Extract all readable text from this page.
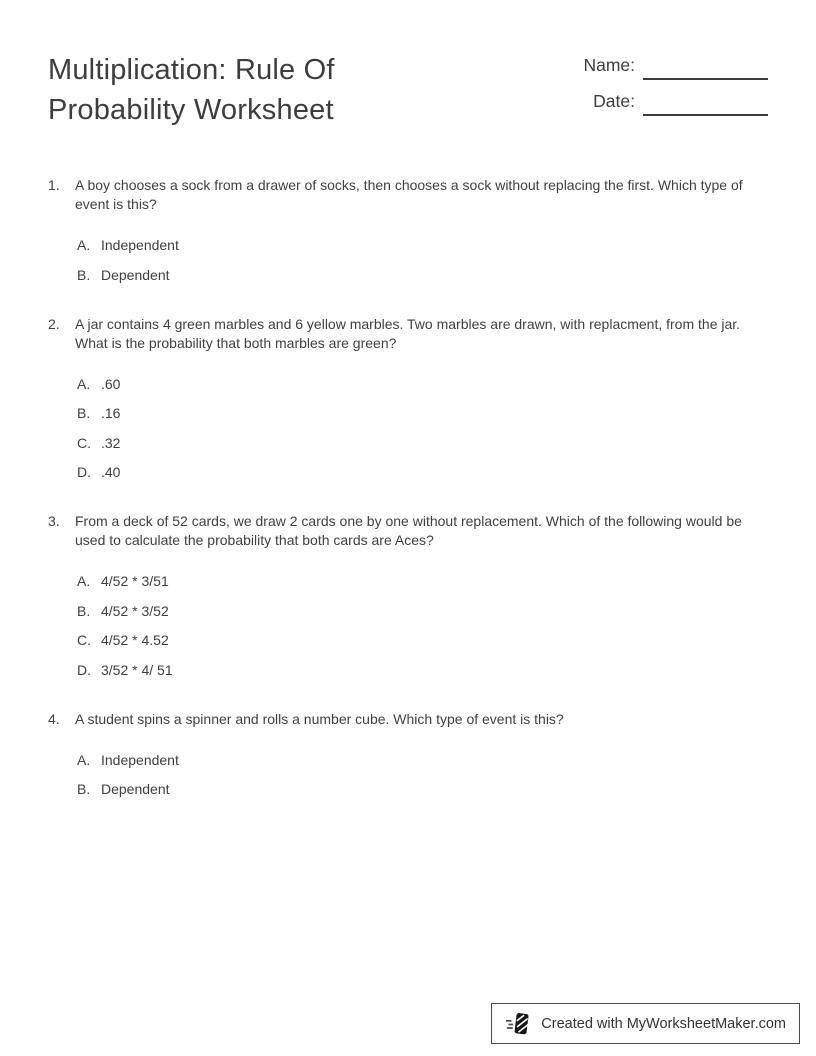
Multiplication: Rule Of Probability Worksheet
Name:
Date:
1.	A boy chooses a sock from a drawer of socks, then chooses a sock without replacing the first. Which type of event is this?
A. Independent
B. Dependent
2.	A jar contains 4 green marbles and 6 yellow marbles. Two marbles are drawn, with replacment, from the jar. What is the probability that both marbles are green?
A. .60
B. .16
C. .32
D. .40
3.	From a deck of 52 cards, we draw 2 cards one by one without replacement. Which of the following would be used to calculate the probability that both cards are Aces?
A. 4/52 * 3/51
B. 4/52 * 3/52
C. 4/52 * 4.52
D. 3/52 * 4/ 51
4.	A student spins a spinner and rolls a number cube. Which type of event is this?
A. Independent
B. Dependent
Created with MyWorksheetMaker.com
